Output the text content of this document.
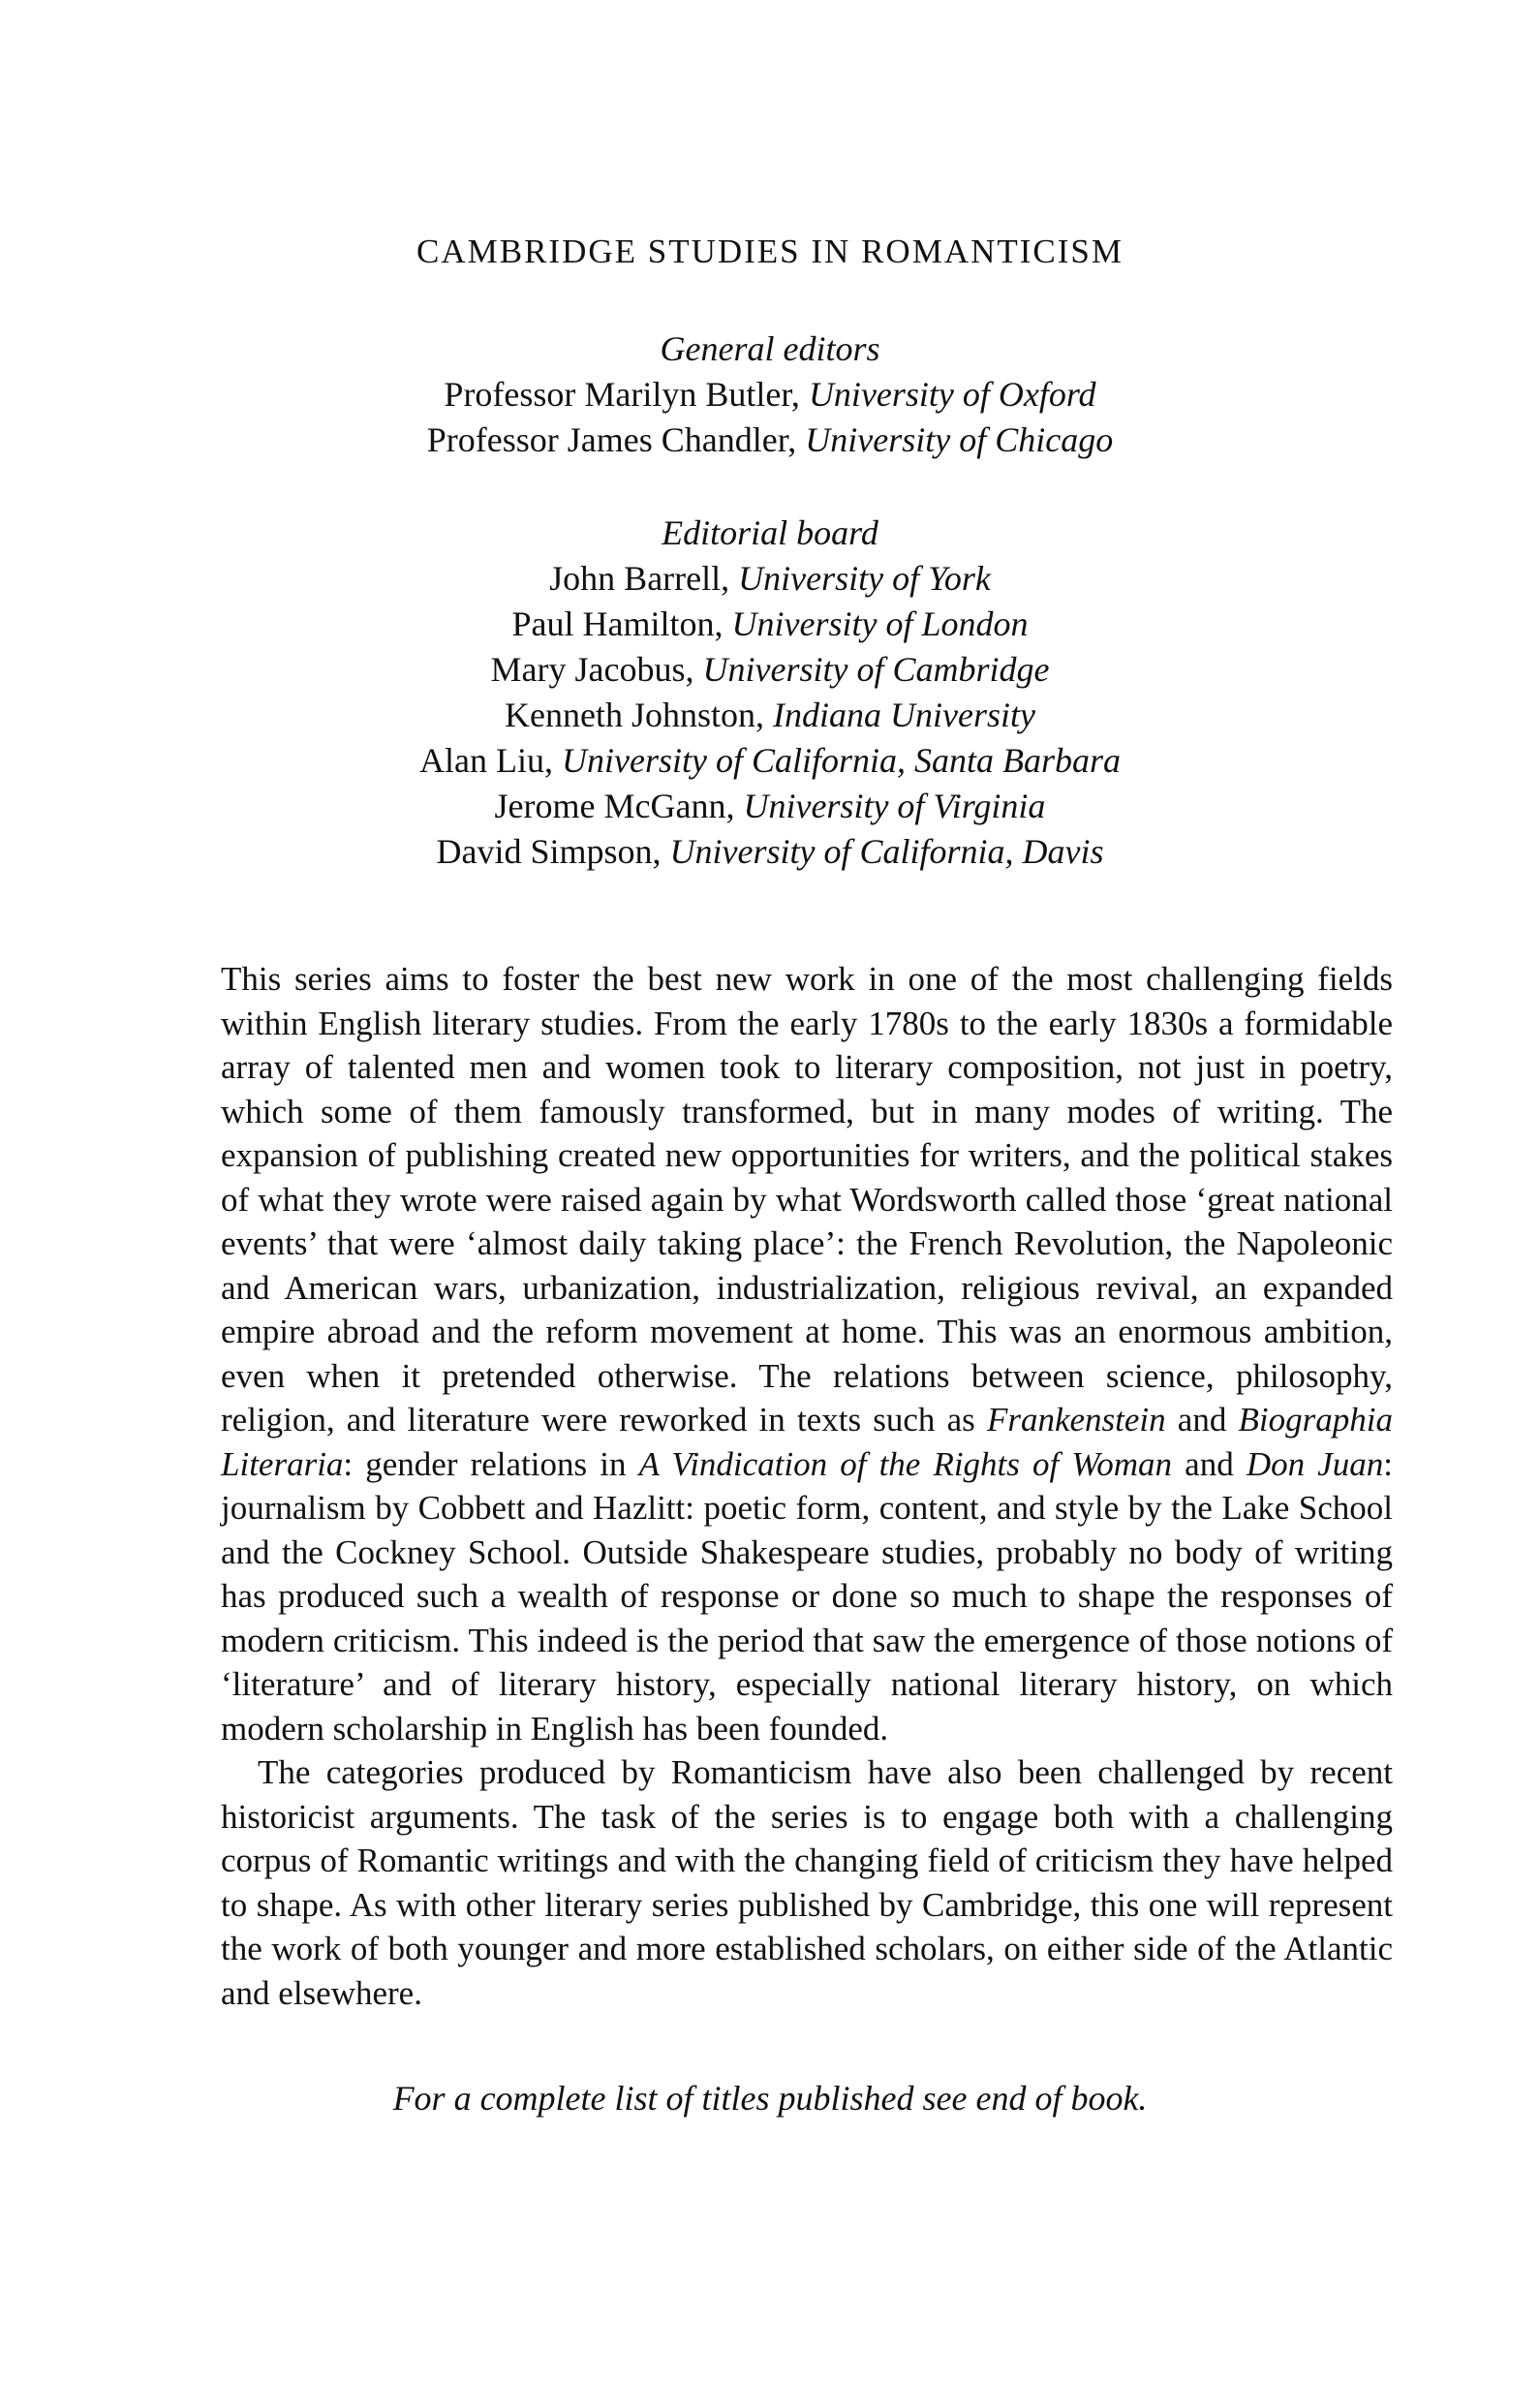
CAMBRIDGE STUDIES IN ROMANTICISM
General editors

Professor Marilyn Butler, University of Oxford

Professor James Chandler, University of Chicago

Editorial board

John Barrell, University of York

Paul Hamilton, University of London

Mary Jacobus, University of Cambridge

Kenneth Johnston, Indiana University

Alan Liu, University of California, Santa Barbara

Jerome McGann, University of Virginia

David Simpson, University of California, Davis

This series aims to foster the best new work in one of the most challenging fields within English literary studies. From the early 1780s to the early 1830s a formidable array of talented men and women took to literary composition, not just in poetry, which some of them famously transformed, but in many modes of writing. The expansion of publishing created new opportunities for writers, and the political stakes of what they wrote were raised again by what Wordsworth called those ‘great national events’ that were ‘almost daily taking place’: the French Revolution, the Napoleonic and American wars, urbanization, industrialization, religious revival, an expanded empire abroad and the reform movement at home. This was an enormous ambition, even when it pretended otherwise. The relations between science, philosophy, religion, and literature were reworked in texts such as Frankenstein and Biographia Literaria: gender relations in A Vindication of the Rights of Woman and Don Juan: journalism by Cobbett and Hazlitt: poetic form, content, and style by the Lake School and the Cockney School. Outside Shakespeare studies, probably no body of writing has produced such a wealth of response or done so much to shape the responses of modern criticism. This indeed is the period that saw the emergence of those notions of ‘literature’ and of literary history, especially national literary history, on which modern scholarship in English has been founded.

The categories produced by Romanticism have also been challenged by recent historicist arguments. The task of the series is to engage both with a challenging corpus of Romantic writings and with the changing field of criticism they have helped to shape. As with other literary series published by Cambridge, this one will represent the work of both younger and more established scholars, on either side of the Atlantic and elsewhere.

For a complete list of titles published see end of book.
